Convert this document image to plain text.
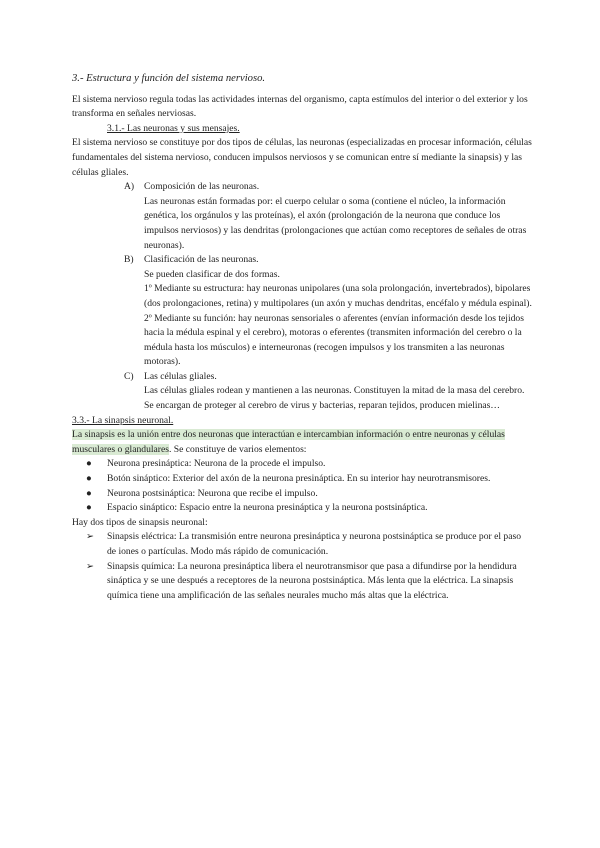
3.- Estructura y función del sistema nervioso.

El sistema nervioso regula todas las actividades internas del organismo, capta estímulos del interior o del exterior y los transforma en señales nerviosas.

3.1.- Las neuronas y sus mensajes.

El sistema nervioso se constituye por dos tipos de células, las neuronas (especializadas en procesar información, células fundamentales del sistema nervioso, conducen impulsos nerviosos y se comunican entre sí mediante la sinapsis) y las células gliales.

A)	Composición de las neuronas.

Las neuronas están formadas por: el cuerpo celular o soma (contiene el núcleo, la información genética, los orgánulos y las proteínas), el axón (prolongación de la neurona que conduce los impulsos nerviosos) y las dendritas (prolongaciones que actúan como receptores de señales de otras neuronas).

B)	Clasificación de las neuronas.

Se pueden clasificar de dos formas.

1º Mediante su estructura: hay neuronas unipolares (una sola prolongación, invertebrados), bipolares (dos prolongaciones, retina) y multipolares (un axón y muchas dendritas, encéfalo y médula espinal).

2º Mediante su función: hay neuronas sensoriales o aferentes (envían información desde los tejidos hacia la médula espinal y el cerebro), motoras o eferentes (transmiten información del cerebro o la médula hasta los músculos) e interneuronas (recogen impulsos y los transmiten a las neuronas motoras).

C)	Las células gliales.

Las células gliales rodean y mantienen a las neuronas. Constituyen la mitad de la masa del cerebro. Se encargan de proteger al cerebro de virus y bacterias, reparan tejidos, producen mielinas…

3.3.- La sinapsis neuronal.

La sinapsis es la unión entre dos neuronas que interactúan e intercambian información o entre neuronas y células musculares o glandulares. Se constituye de varios elementos:

●	Neurona presináptica: Neurona de la procede el impulso.
●	Botón sináptico: Exterior del axón de la neurona presináptica. En su interior hay neurotransmisores.
●	Neurona postsináptica: Neurona que recibe el impulso.
●	Espacio sináptico: Espacio entre la neurona presináptica y la neurona postsináptica.

Hay dos tipos de sinapsis neuronal:

➢	Sinapsis eléctrica: La transmisión entre neurona presináptica y neurona postsináptica se produce por el paso de iones o partículas. Modo más rápido de comunicación.
➢	Sinapsis química: La neurona presináptica libera el neurotransmisor que pasa a difundirse por la hendidura sináptica y se une después a receptores de la neurona postsináptica. Más lenta que la eléctrica. La sinapsis química tiene una amplificación de las señales neurales mucho más altas que la eléctrica.
